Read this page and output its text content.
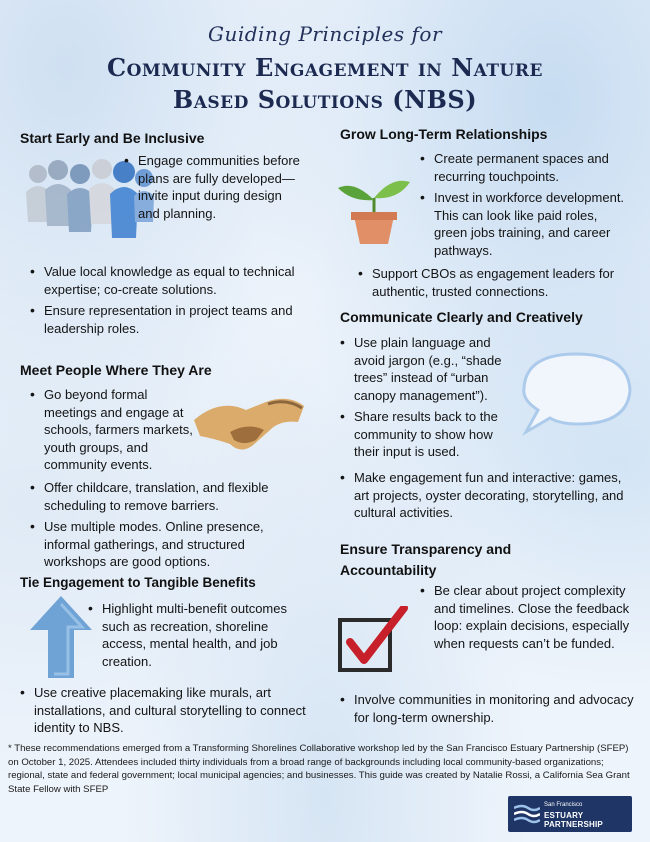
Guiding Principles for
Community Engagement in Nature
Based Solutions (NBS)
Start Early and Be Inclusive
• Engage communities before plans are fully developed—invite input during design and planning.
• Value local knowledge as equal to technical expertise; co-create solutions.
• Ensure representation in project teams and leadership roles.
Meet People Where They Are
• Go beyond formal meetings and engage at schools, farmers markets, youth groups, and community events.
• Offer childcare, translation, and flexible scheduling to remove barriers.
• Use multiple modes. Online presence, informal gatherings, and structured workshops are good options.
Tie Engagement to Tangible Benefits
• Highlight multi-benefit outcomes such as recreation, shoreline access, mental health, and job creation.
• Use creative placemaking like murals, art installations, and cultural storytelling to connect identity to NBS.
Grow Long-Term Relationships
• Create permanent spaces and recurring touchpoints.
• Invest in workforce development. This can look like paid roles, green jobs training, and career pathways.
• Support CBOs as engagement leaders for authentic, trusted connections.
Communicate Clearly and Creatively
• Use plain language and avoid jargon (e.g., “shade trees” instead of “urban canopy management”).
• Share results back to the community to show how their input is used.
• Make engagement fun and interactive: games, art projects, oyster decorating, storytelling, and cultural activities.
Ensure Transparency and
Accountability
• Be clear about project complexity and timelines. Close the feedback loop: explain decisions, especially when requests can’t be funded.
• Involve communities in monitoring and advocacy for long-term ownership.
* These recommendations emerged from a Transforming Shorelines Collaborative workshop led by the San Francisco Estuary Partnership (SFEP) on October 1, 2025. Attendees included thirty individuals from a broad range of backgrounds including local community-based organizations; regional, state and federal government; local municipal agencies; and businesses. This guide was created by Natalie Rossi, a California Sea Grant State Fellow with SFEP
San Francisco
ESTUARY PARTNERSHIP
